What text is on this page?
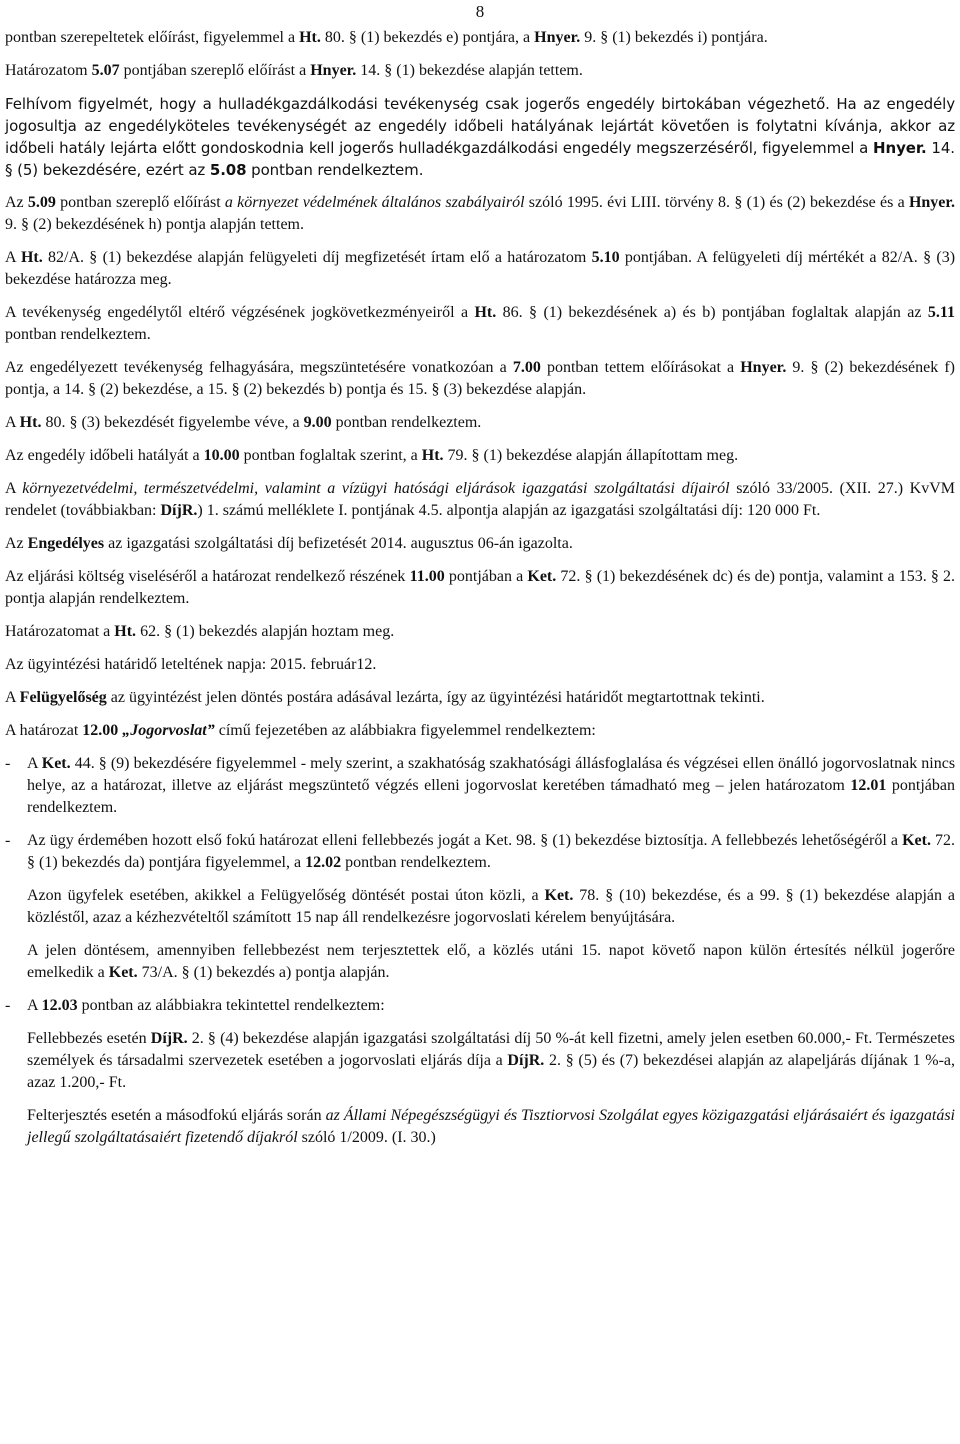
8

pontban szerepeltetek előírást, figyelemmel a Ht. 80. § (1) bekezdés e) pontjára, a Hnyer. 9. § (1) bekezdés i) pontjára.

Határozatom 5.07 pontjában szereplő előírást a Hnyer. 14. § (1) bekezdése alapján tettem.

Felhívom figyelmét, hogy a hulladékgazdálkodási tevékenység csak jogerős engedély birtokában végezhető. Ha az engedély jogosultja az engedélyköteles tevékenységét az engedély időbeli hatályának lejártát követően is folytatni kívánja, akkor az időbeli hatály lejárta előtt gondoskodnia kell jogerős hulladékgazdálkodási engedély megszerzéséről, figyelemmel a Hnyer. 14. § (5) bekezdésére, ezért az 5.08 pontban rendelkeztem.

Az 5.09 pontban szereplő előírást a környezet védelmének általános szabályairól szóló 1995. évi LIII. törvény 8. § (1) és (2) bekezdése és a Hnyer. 9. § (2) bekezdésének h) pontja alapján tettem.

A Ht. 82/A. § (1) bekezdése alapján felügyeleti díj megfizetését írtam elő a határozatom 5.10 pontjában. A felügyeleti díj mértékét a 82/A. § (3) bekezdése határozza meg.

A tevékenység engedélytől eltérő végzésének jogkövetkezményeiről a Ht. 86. § (1) bekezdésének a) és b) pontjában foglaltak alapján az 5.11 pontban rendelkeztem.

Az engedélyezett tevékenység felhagyására, megszüntetésére vonatkozóan a 7.00 pontban tettem előírásokat a Hnyer. 9. § (2) bekezdésének f) pontja, a 14. § (2) bekezdése, a 15. § (2) bekezdés b) pontja és 15. § (3) bekezdése alapján.

A Ht. 80. § (3) bekezdését figyelembe véve, a 9.00 pontban rendelkeztem.

Az engedély időbeli hatályát a 10.00 pontban foglaltak szerint, a Ht. 79. § (1) bekezdése alapján állapítottam meg.

A környezetvédelmi, természetvédelmi, valamint a vízügyi hatósági eljárások igazgatási szolgáltatási díjairól szóló 33/2005. (XII. 27.) KvVM rendelet (továbbiakban: DíjR.) 1. számú melléklete I. pontjának 4.5. alpontja alapján az igazgatási szolgáltatási díj: 120 000 Ft.

Az Engedélyes az igazgatási szolgáltatási díj befizetését 2014. augusztus 06-án igazolta.

Az eljárási költség viseléséről a határozat rendelkező részének 11.00 pontjában a Ket. 72. § (1) bekezdésének dc) és de) pontja, valamint a 153. § 2. pontja alapján rendelkeztem.

Határozatomat a Ht. 62. § (1) bekezdés alapján hoztam meg.

Az ügyintézési határidő leteltének napja: 2015. február12.

A Felügyelőség az ügyintézést jelen döntés postára adásával lezárta, így az ügyintézési határidőt megtartottnak tekinti.

A határozat 12.00 „Jogorvoslat” című fejezetében az alábbiakra figyelemmel rendelkeztem:

- A Ket. 44. § (9) bekezdésére figyelemmel - mely szerint, a szakhatóság szakhatósági állásfoglalása és végzései ellen önálló jogorvoslatnak nincs helye, az a határozat, illetve az eljárást megszüntető végzés elleni jogorvoslat keretében támadható meg – jelen határozatom 12.01 pontjában rendelkeztem.

- Az ügy érdemében hozott első fokú határozat elleni fellebbezés jogát a Ket. 98. § (1) bekezdése biztosítja. A fellebbezés lehetőségéről a Ket. 72. § (1) bekezdés da) pontjára figyelemmel, a 12.02 pontban rendelkeztem.

Azon ügyfelek esetében, akikkel a Felügyelőség döntését postai úton közli, a Ket. 78. § (10) bekezdése, és a 99. § (1) bekezdése alapján a közléstől, azaz a kézhezvételtől számított 15 nap áll rendelkezésre jogorvoslati kérelem benyújtására.

A jelen döntésem, amennyiben fellebbezést nem terjesztettek elő, a közlés utáni 15. napot követő napon külön értesítés nélkül jogerőre emelkedik a Ket. 73/A. § (1) bekezdés a) pontja alapján.

- A 12.03 pontban az alábbiakra tekintettel rendelkeztem:

Fellebbezés esetén DíjR. 2. § (4) bekezdése alapján igazgatási szolgáltatási díj 50 %-át kell fizetni, amely jelen esetben 60.000,- Ft. Természetes személyek és társadalmi szervezetek esetében a jogorvoslati eljárás díja a DíjR. 2. § (5) és (7) bekezdései alapján az alapeljárás díjának 1 %-a, azaz 1.200,- Ft.

Felterjesztés esetén a másodfokú eljárás során az Állami Népegészségügyi és Tisztiorvosi Szolgálat egyes közigazgatási eljárásaiért és igazgatási jellegű szolgáltatásaiért fizetendő díjakról szóló 1/2009. (I. 30.)
